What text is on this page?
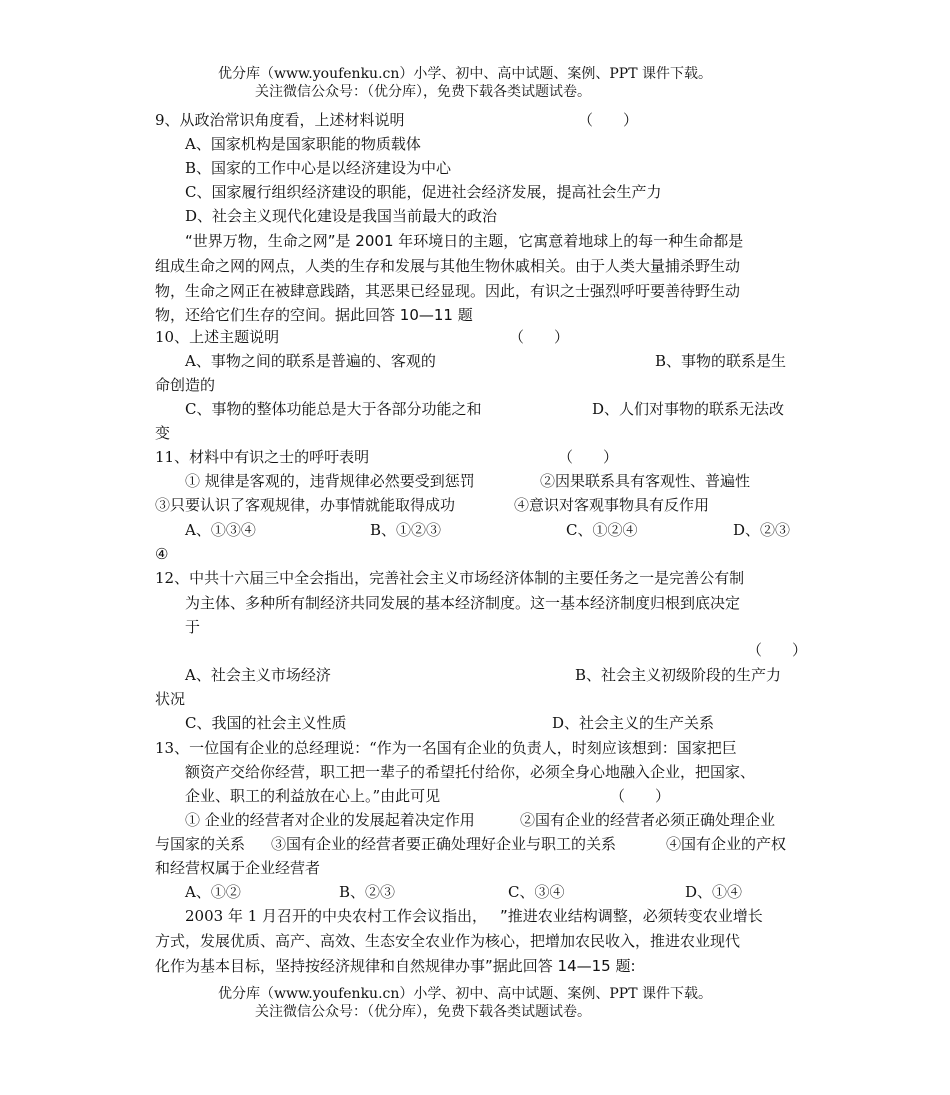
优分库（www.youfenku.cn）小学、初中、高中试题、案例、PPT 课件下载。
关注微信公众号：（优分库），免费下载各类试题试卷。
9、从政治常识角度看，上述材料说明	（　　）
A、国家机构是国家职能的物质载体
B、国家的工作中心是以经济建设为中心
C、国家履行组织经济建设的职能，促进社会经济发展，提高社会生产力
D、社会主义现代化建设是我国当前最大的政治
“世界万物，生命之网”是 2001 年环境日的主题，它寓意着地球上的每一种生命都是
组成生命之网的网点，人类的生存和发展与其他生物休戚相关。由于人类大量捕杀野生动
物，生命之网正在被肆意践踏，其恶果已经显现。因此，有识之士强烈呼吁要善待野生动
物，还给它们生存的空间。据此回答 10—11 题
10、上述主题说明	（　　）
A、事物之间的联系是普遍的、客观的	B、事物的联系是生
命创造的
C、事物的整体功能总是大于各部分功能之和	D、人们对事物的联系无法改
变
11、材料中有识之士的呼吁表明	（　　）
① 规律是客观的，违背规律必然要受到惩罚	②因果联系具有客观性、普遍性
③只要认识了客观规律，办事情就能取得成功	④意识对客观事物具有反作用
A、①③④	B、①②③	C、①②④	D、②③
④
12、中共十六届三中全会指出，完善社会主义市场经济体制的主要任务之一是完善公有制
为主体、多种所有制经济共同发展的基本经济制度。这一基本经济制度归根到底决定
于
（　　）
A、社会主义市场经济	B、社会主义初级阶段的生产力
状况
C、我国的社会主义性质	D、社会主义的生产关系
13、一位国有企业的总经理说：“作为一名国有企业的负责人，时刻应该想到：国家把巨
额资产交给你经营，职工把一辈子的希望托付给你，必须全身心地融入企业，把国家、
企业、职工的利益放在心上。”由此可见	（　　）
① 企业的经营者对企业的发展起着决定作用	②国有企业的经营者必须正确处理企业
与国家的关系 ③国有企业的经营者要正确处理好企业与职工的关系	④国有企业的产权
和经营权属于企业经营者
A、①②	B、②③	C、③④	D、①④
2003 年 1 月召开的中央农村工作会议指出， ”推进农业结构调整，必须转变农业增长
方式，发展优质、高产、高效、生态安全农业作为核心，把增加农民收入，推进农业现代
化作为基本目标，坚持按经济规律和自然规律办事”据此回答 14—15 题:
优分库（www.youfenku.cn）小学、初中、高中试题、案例、PPT 课件下载。
关注微信公众号：（优分库），免费下载各类试题试卷。
